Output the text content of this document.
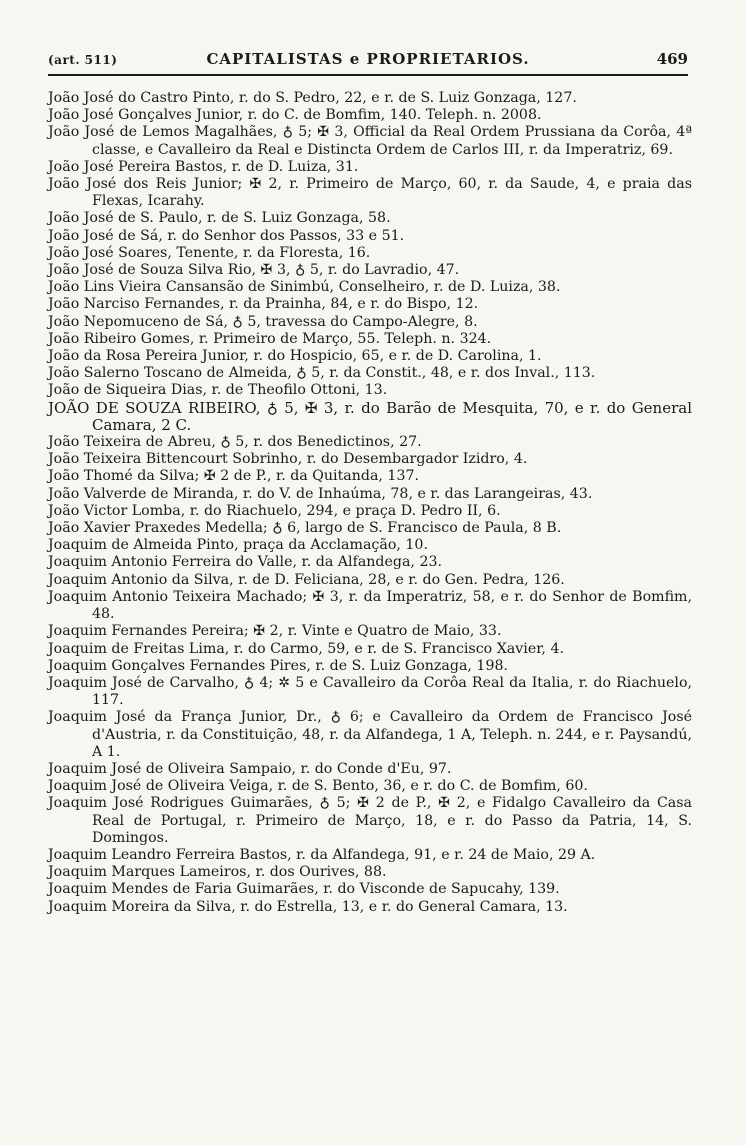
(art. 511)	CAPITALISTAS e PROPRIETARIOS.	469

João José do Castro Pinto, r. do S. Pedro, 22, e r. de S. Luiz Gonzaga, 127.

João José Gonçalves Junior, r. do C. de Bomfim, 140. Teleph. n. 2008.

João José de Lemos Magalhães, ♁ 5; ✠ 3, Official da Real Ordem Prussiana da Corôa, 4ª classe, e Cavalleiro da Real e Distincta Ordem de Carlos III, r. da Imperatriz, 69.

João José Pereira Bastos, r. de D. Luiza, 31.

João José dos Reis Junior; ✠ 2, r. Primeiro de Março, 60, r. da Saude, 4, e praia das Flexas, Icarahy.

João José de S. Paulo, r. de S. Luiz Gonzaga, 58.

João José de Sá, r. do Senhor dos Passos, 33 e 51.

João José Soares, Tenente, r. da Floresta, 16.

João José de Souza Silva Rio, ✠ 3, ♁ 5, r. do Lavradio, 47.

João Lins Vieira Cansansão de Sinimbú, Conselheiro, r. de D. Luiza, 38.

João Narciso Fernandes, r. da Prainha, 84, e r. do Bispo, 12.

João Nepomuceno de Sá, ♁ 5, travessa do Campo-Alegre, 8.

João Ribeiro Gomes, r. Primeiro de Março, 55. Teleph. n. 324.

João da Rosa Pereira Junior, r. do Hospicio, 65, e r. de D. Carolina, 1.

João Salerno Toscano de Almeida, ♁ 5, r. da Constit., 48, e r. dos Inval., 113.

João de Siqueira Dias, r. de Theofilo Ottoni, 13.

JOÃO DE SOUZA RIBEIRO, ♁ 5, ✠ 3, r. do Barão de Mesquita, 70, e r. do General Camara, 2 C.

João Teixeira de Abreu, ♁ 5, r. dos Benedictinos, 27.

João Teixeira Bittencourt Sobrinho, r. do Desembargador Izidro, 4.

João Thomé da Silva; ✠ 2 de P., r. da Quitanda, 137.

João Valverde de Miranda, r. do V. de Inhaúma, 78, e r. das Larangeiras, 43.

João Victor Lomba, r. do Riachuelo, 294, e praça D. Pedro II, 6.

João Xavier Praxedes Medella; ♁ 6, largo de S. Francisco de Paula, 8 B.

Joaquim de Almeida Pinto, praça da Acclamação, 10.

Joaquim Antonio Ferreira do Valle, r. da Alfandega, 23.

Joaquim Antonio da Silva, r. de D. Feliciana, 28, e r. do Gen. Pedra, 126.

Joaquim Antonio Teixeira Machado; ✠ 3, r. da Imperatriz, 58, e r. do Senhor de Bomfim, 48.

Joaquim Fernandes Pereira; ✠ 2, r. Vinte e Quatro de Maio, 33.

Joaquim de Freitas Lima, r. do Carmo, 59, e r. de S. Francisco Xavier, 4.

Joaquim Gonçalves Fernandes Pires, r. de S. Luiz Gonzaga, 198.

Joaquim José de Carvalho, ♁ 4; ✲ 5 e Cavalleiro da Corôa Real da Italia, r. do Riachuelo, 117.

Joaquim José da França Junior, Dr., ♁ 6; e Cavalleiro da Ordem de Francisco José d'Austria, r. da Constituição, 48, r. da Alfandega, 1 A, Teleph. n. 244, e r. Paysandú, A 1.

Joaquim José de Oliveira Sampaio, r. do Conde d'Eu, 97.

Joaquim José de Oliveira Veiga, r. de S. Bento, 36, e r. do C. de Bomfim, 60.

Joaquim José Rodrigues Guimarães, ♁ 5; ✠ 2 de P., ✠ 2, e Fidalgo Cavalleiro da Casa Real de Portugal, r. Primeiro de Março, 18, e r. do Passo da Patria, 14, S. Domingos.

Joaquim Leandro Ferreira Bastos, r. da Alfandega, 91, e r. 24 de Maio, 29 A.

Joaquim Marques Lameiros, r. dos Ourives, 88.

Joaquim Mendes de Faria Guimarães, r. do Visconde de Sapucahy, 139.

Joaquim Moreira da Silva, r. do Estrella, 13, e r. do General Camara, 13.
